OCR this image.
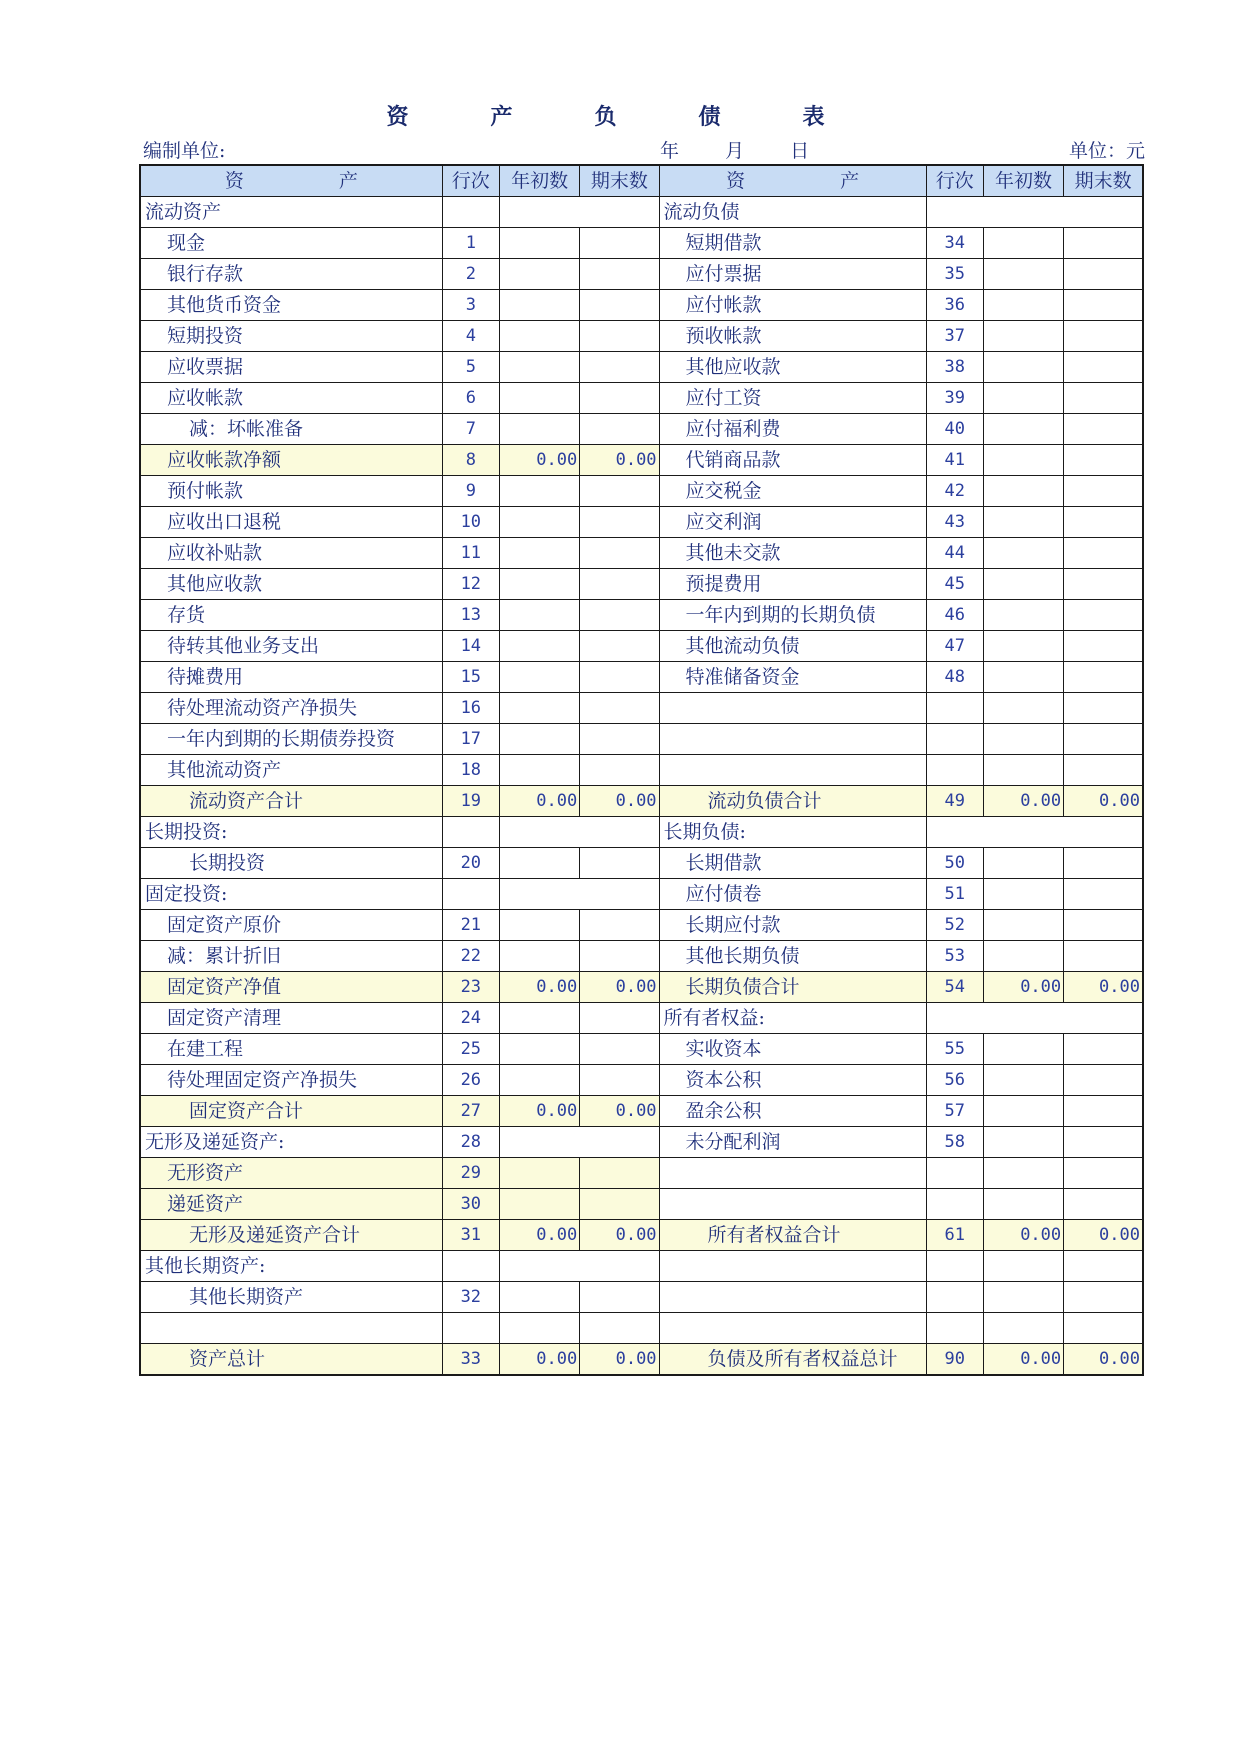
资　产　负　债　表
编制单位:	年 月 日	单位：元
资　　　　　产	行次	年初数	期末数	资　　　　　产	行次	年初数	期末数
流动资产				流动负债			
现金	1			短期借款	34		
银行存款	2			应付票据	35		
其他货币资金	3			应付帐款	36		
短期投资	4			预收帐款	37		
应收票据	5			其他应收款	38		
应收帐款	6			应付工资	39		
减：坏帐准备	7			应付福利费	40		
应收帐款净额	8	0.00	0.00	代销商品款	41		
预付帐款	9			应交税金	42		
应收出口退税	10			应交利润	43		
应收补贴款	11			其他未交款	44		
其他应收款	12			预提费用	45		
存货	13			一年内到期的长期负债	46		
待转其他业务支出	14			其他流动负债	47		
待摊费用	15			特准储备资金	48		
待处理流动资产净损失	16						
一年内到期的长期债券投资	17						
其他流动资产	18						
流动资产合计	19	0.00	0.00	流动负债合计	49	0.00	0.00
长期投资:				长期负债:			
长期投资	20			长期借款	50		
固定投资:				应付债卷	51		
固定资产原价	21			长期应付款	52		
减：累计折旧	22			其他长期负债	53		
固定资产净值	23	0.00	0.00	长期负债合计	54	0.00	0.00
固定资产清理	24			所有者权益:			
在建工程	25			实收资本	55		
待处理固定资产净损失	26			资本公积	56		
固定资产合计	27	0.00	0.00	盈余公积	57		
无形及递延资产:	28			未分配利润	58		
无形资产	29						
递延资产	30						
无形及递延资产合计	31	0.00	0.00	所有者权益合计	61	0.00	0.00
其他长期资产:							
其他长期资产	32						

资产总计	33	0.00	0.00	负债及所有者权益总计	90	0.00	0.00
